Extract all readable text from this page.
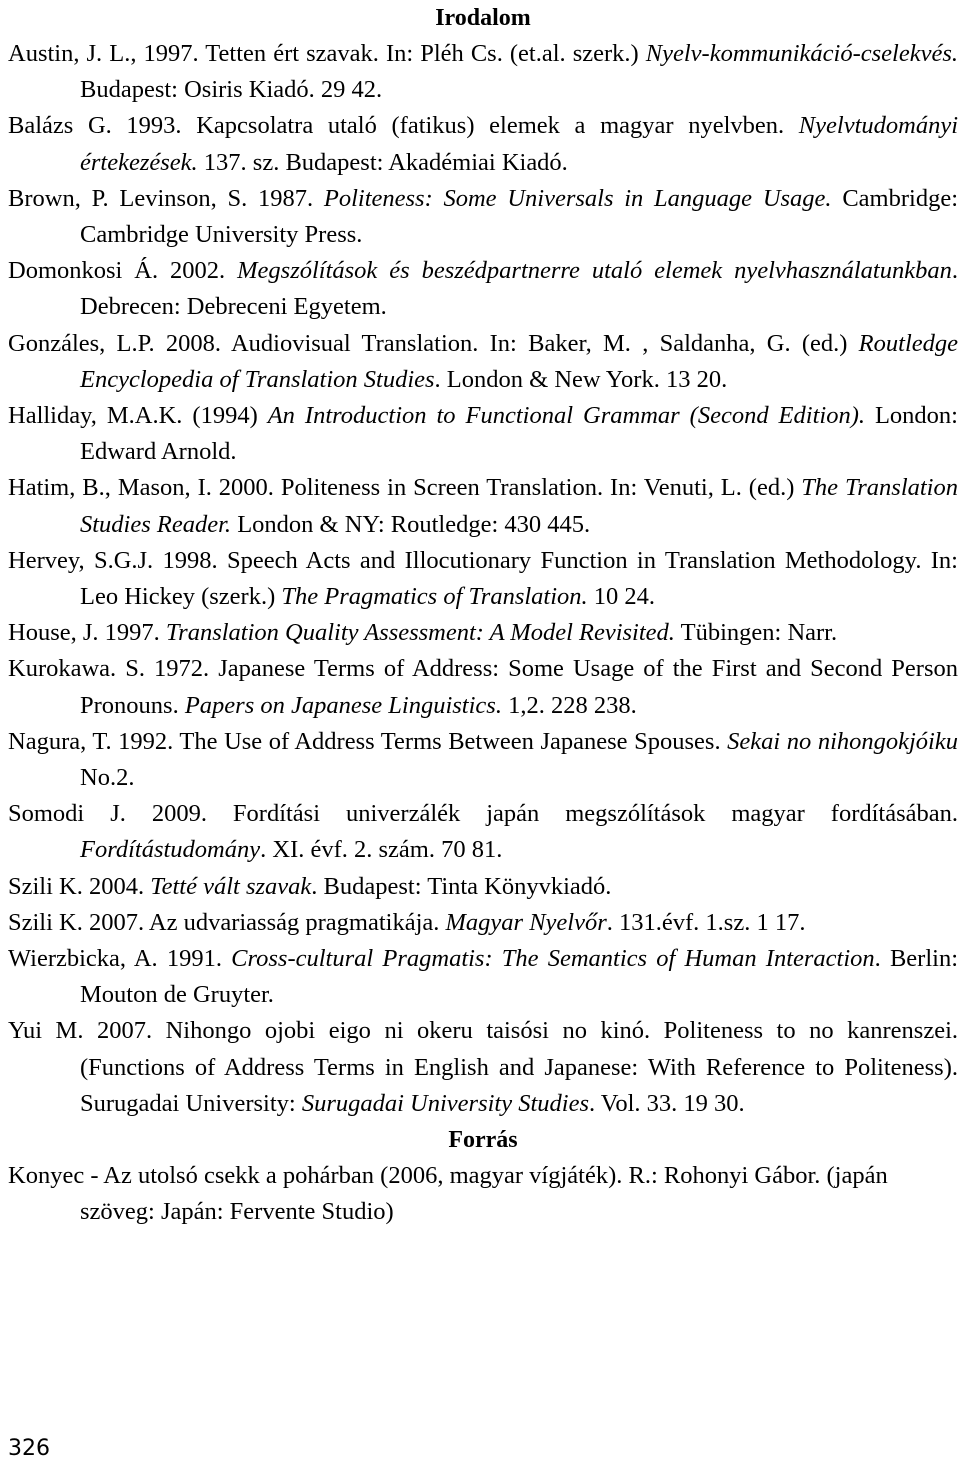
Irodalom

Austin, J. L., 1997. Tetten ért szavak. In: Pléh Cs. (et.al. szerk.) Nyelv-kommunikáció-cselekvés. Budapest: Osiris Kiadó. 29 42.

Balázs G. 1993. Kapcsolatra utaló (fatikus) elemek a magyar nyelvben. Nyelvtudományi értekezések. 137. sz. Budapest: Akadémiai Kiadó.

Brown, P. Levinson, S. 1987. Politeness: Some Universals in Language Usage. Cambridge: Cambridge University Press.

Domonkosi Á. 2002. Megszólítások és beszédpartnerre utaló elemek nyelvhasználatunkban. Debrecen: Debreceni Egyetem.

Gonzáles, L.P. 2008. Audiovisual Translation. In: Baker, M. , Saldanha, G. (ed.) Routledge Encyclopedia of Translation Studies. London & New York. 13 20.

Halliday, M.A.K. (1994) An Introduction to Functional Grammar (Second Edition). London: Edward Arnold.

Hatim, B., Mason, I. 2000. Politeness in Screen Translation. In: Venuti, L. (ed.) The Translation Studies Reader. London & NY: Routledge: 430 445.

Hervey, S.G.J. 1998. Speech Acts and Illocutionary Function in Translation Methodology. In: Leo Hickey (szerk.) The Pragmatics of Translation. 10 24.

House, J. 1997. Translation Quality Assessment: A Model Revisited. Tübingen: Narr.

Kurokawa. S. 1972. Japanese Terms of Address: Some Usage of the First and Second Person Pronouns. Papers on Japanese Linguistics. 1,2. 228 238.

Nagura, T. 1992. The Use of Address Terms Between Japanese Spouses. Sekai no nihongokjóiku No.2.

Somodi J. 2009. Fordítási univerzálék japán megszólítások magyar fordításában. Fordítástudomány. XI. évf. 2. szám. 70 81.

Szili K. 2004. Tetté vált szavak. Budapest: Tinta Könyvkiadó.

Szili K. 2007. Az udvariasság pragmatikája. Magyar Nyelvőr. 131.évf. 1.sz. 1 17.

Wierzbicka, A. 1991. Cross-cultural Pragmatis: The Semantics of Human Interaction. Berlin: Mouton de Gruyter.

Yui M. 2007. Nihongo ojobi eigo ni okeru taisósi no kinó. Politeness to no kanrenszei. (Functions of Address Terms in English and Japanese: With Reference to Politeness). Surugadai University: Surugadai University Studies. Vol. 33. 19 30.

Forrás

Konyec - Az utolsó csekk a pohárban (2006, magyar vígjáték). R.: Rohonyi Gábor. (japán szöveg: Japán: Fervente Studio)

326
